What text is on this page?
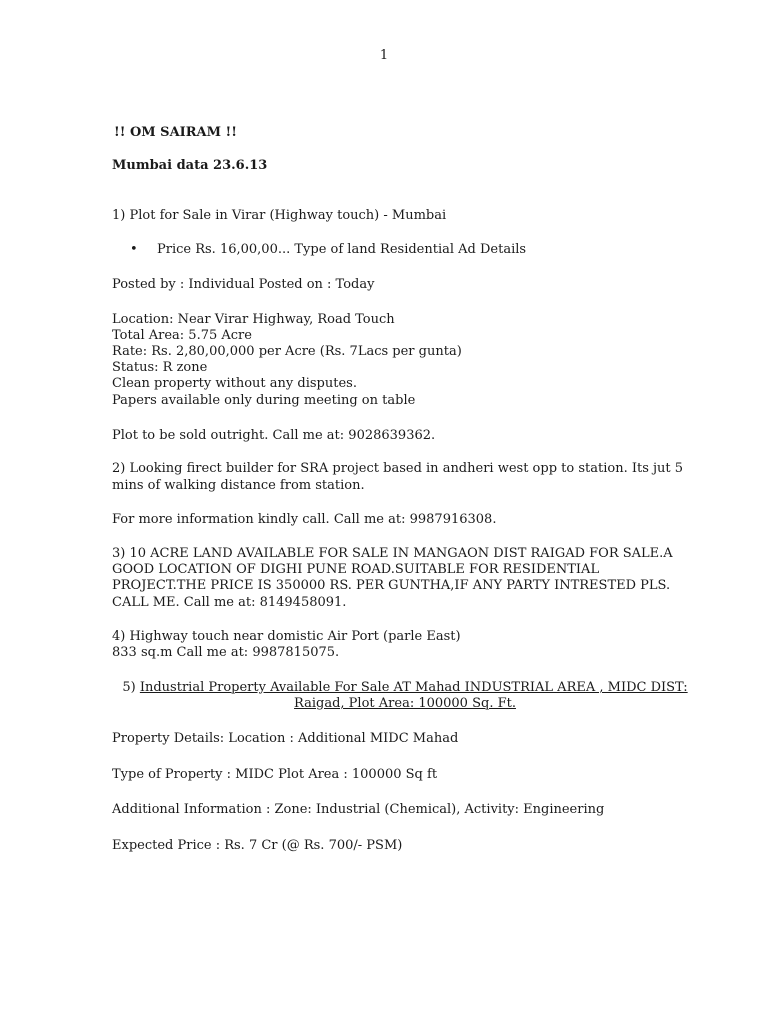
1
!! OM SAIRAM !!
Mumbai data 23.6.13
1) Plot for Sale in Virar (Highway touch) - Mumbai
• Price Rs. 16,00,00... Type of land Residential Ad Details
Posted by : Individual Posted on : Today
Location: Near Virar Highway, Road Touch
Total Area: 5.75 Acre
Rate: Rs. 2,80,00,000 per Acre (Rs. 7Lacs per gunta)
Status: R zone
Clean property without any disputes.
Papers available only during meeting on table
Plot to be sold outright. Call me at: 9028639362.
2) Looking firect builder for SRA project based in andheri west opp to station. Its jut 5
mins of walking distance from station.
For more information kindly call. Call me at: 9987916308.
3) 10 ACRE LAND AVAILABLE FOR SALE IN MANGAON DIST RAIGAD FOR SALE.A
GOOD LOCATION OF DIGHI PUNE ROAD.SUITABLE FOR RESIDENTIAL
PROJECT.THE PRICE IS 350000 RS. PER GUNTHA,IF ANY PARTY INTRESTED PLS.
CALL ME. Call me at: 8149458091.
4) Highway touch near domistic Air Port (parle East)
833 sq.m Call me at: 9987815075.
5) Industrial Property Available For Sale AT Mahad INDUSTRIAL AREA , MIDC DIST:
Raigad, Plot Area: 100000 Sq. Ft.
Property Details: Location : Additional MIDC Mahad
Type of Property : MIDC Plot Area : 100000 Sq ft
Additional Information : Zone: Industrial (Chemical), Activity: Engineering
Expected Price : Rs. 7 Cr (@ Rs. 700/- PSM)
